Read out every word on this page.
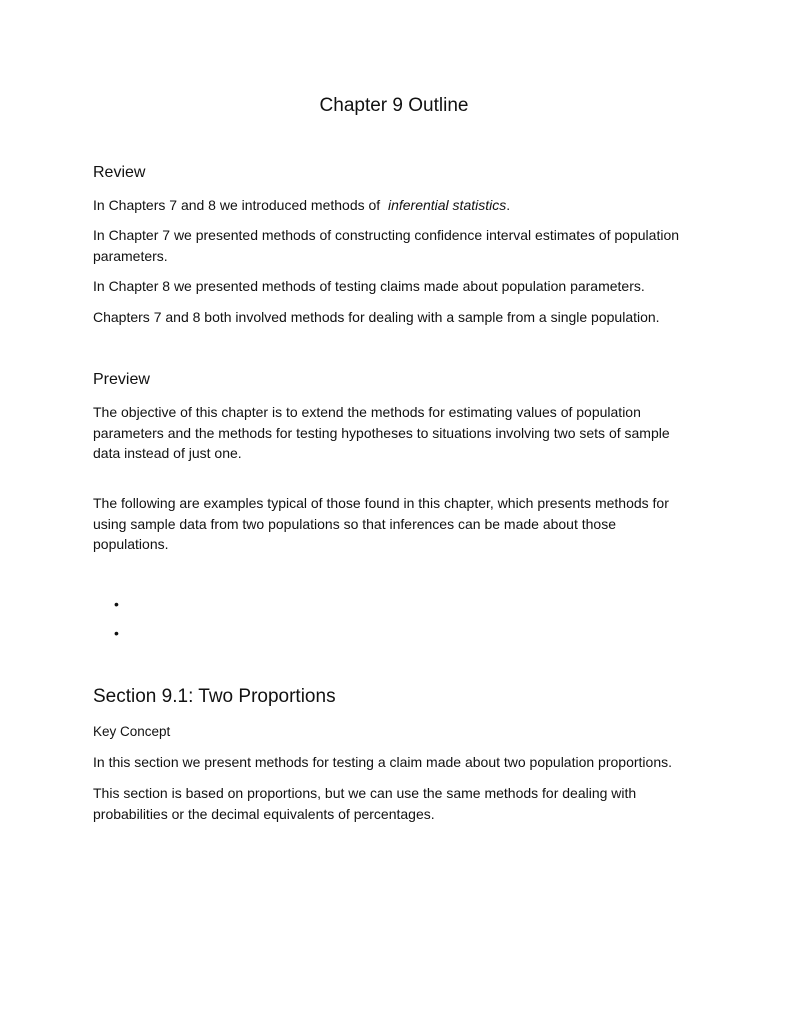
Chapter 9 Outline
Review

In Chapters 7 and 8 we introduced methods of inferential statistics.

In Chapter 7 we presented methods of constructing confidence interval estimates of population parameters.

In Chapter 8 we presented methods of testing claims made about population parameters.

Chapters 7 and 8 both involved methods for dealing with a sample from a single population.

Preview

The objective of this chapter is to extend the methods for estimating values of population parameters and the methods for testing hypotheses to situations involving two sets of sample data instead of just one.

The following are examples typical of those found in this chapter, which presents methods for using sample data from two populations so that inferences can be made about those populations.

•
•
Section 9.1: Two Proportions
Key Concept

In this section we present methods for testing a claim made about two population proportions.

This section is based on proportions, but we can use the same methods for dealing with probabilities or the decimal equivalents of percentages.
